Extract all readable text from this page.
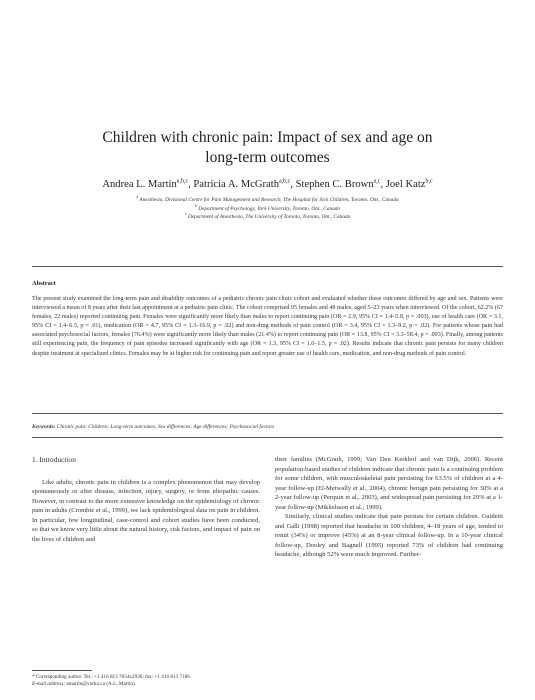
Children with chronic pain: Impact of sex and age on
long-term outcomes
Andrea L. Martin$^{a,b,c}$, Patricia A. McGrath$^{a,b,c}$, Stephen C. Brown$^{a,c}$, Joel Katz$^{b,c}$
$^a$ Anesthesia, Divisional Centre for Pain Management and Research, The Hospital for Sick Children, Toronto, Ont., Canada
$^b$ Department of Psychology, York University, Toronto, Ont., Canada
$^c$ Department of Anesthesia, The University of Toronto, Toronto, Ont., Canada
Abstract
The present study examined the long-term pain and disability outcomes of a pediatric chronic pain clinic cohort and evaluated whether these outcomes differed by age and sex. Patients were interviewed a mean of 8 years after their last appointment at a pediatric pain clinic. The cohort comprised 95 females and 48 males, aged 5–23 years when interviewed. Of the cohort, 62.2% (67 females, 22 males) reported continuing pain. Females were significantly more likely than males to report continuing pain (OR = 2.9, 95% CI = 1.4–5.8, p = .003), use of health care (OR = 3.1, 95% CI = 1.4–6.5, p = .01), medication (OR = 4.7, 95% CI = 1.3–16.9, p = .02) and non-drug methods of pain control (OR = 3.4, 95% CI = 1.3–9.2, p = .02). For patients whose pain had associated psychosocial factors, females (76.4%) were significantly more likely than males (21.4%) to report continuing pain (OR = 13.8, 95% CI = 3.3–58.4, p = .003). Finally, among patients still experiencing pain, the frequency of pain episodes increased significantly with age (OR = 1.3, 95% CI = 1.0–1.5, p = .02). Results indicate that chronic pain persists for many children despite treatment at specialized clinics. Females may be at higher risk for continuing pain and report greater use of health care, medication, and non-drug methods of pain control.
Keywords: Chronic pain; Children; Long-term outcomes; Sex differences; Age differences; Psychosocial factors
1. Introduction

Like adults, chronic pain in children is a complex phenomenon that may develop spontaneously or after disease, infection, injury, surgery, or from idiopathic causes. However, in contrast to the more extensive knowledge on the epidemiology of chronic pain in adults (Crombie et al., 1999), we lack epidemiological data on pain in children. In particular, few longitudinal, case-control and cohort studies have been conducted, so that we know very little about the natural history, risk factors, and impact of pain on the lives of children and

their families (McGrath, 1999; Van Den Kerkhof and van Dijk, 2006). Recent population-based studies of children indicate that chronic pain is a continuing problem for some children, with musculoskeletal pain persisting for 63.5% of children at a 4-year follow-up (El-Metwally et al., 2004), chronic benign pain persisting for 30% at a 2-year follow-up (Perquin et al., 2003), and widespread pain persisting for 29% at a 1-year follow-up (Mikkelsson et al., 1999).

Similarly, clinical studies indicate that pain persists for certain children. Guidetti and Galli (1998) reported that headache in 100 children, 4–18 years of age, tended to remit (34%) or improve (45%) at an 8-year clinical follow-up. In a 10-year clinical follow-up, Dooley and Bagnell (1995) reported 73% of children had continuing headache, although 52% were much improved. Further-

* Corresponding author. Tel.: +1 416 813 7654x2936; fax: +1 416 813 7186.

E-mail address: amartin@yorku.ca (A.L. Martin).
